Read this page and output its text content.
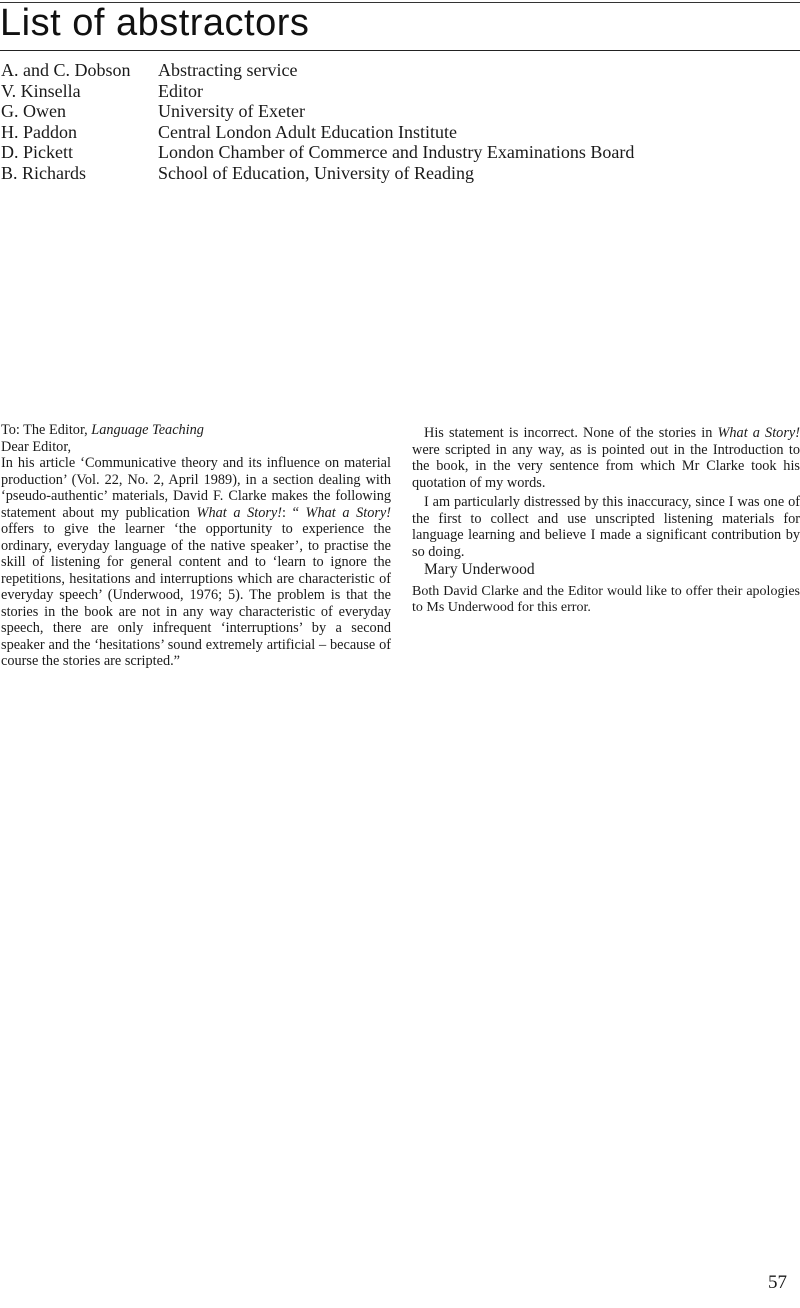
List of abstractors
A. and C. Dobson	Abstracting service
V. Kinsella	Editor
G. Owen	University of Exeter
H. Paddon	Central London Adult Education Institute
D. Pickett	London Chamber of Commerce and Industry Examinations Board
B. Richards	School of Education, University of Reading

To: The Editor, Language Teaching

Dear Editor,

In his article ‘Communicative theory and its influence on material production’ (Vol. 22, No. 2, April 1989), in a section dealing with ‘pseudo-authentic’ materials, David F. Clarke makes the following statement about my publication What a Story!: “ What a Story! offers to give the learner ‘the opportunity to experience the ordinary, everyday language of the native speaker’, to practise the skill of listening for general content and to ‘learn to ignore the repetitions, hesitations and interruptions which are characteristic of everyday speech’ (Underwood, 1976; 5). The problem is that the stories in the book are not in any way characteristic of everyday speech, there are only infrequent ‘interruptions’ by a second speaker and the ‘hesitations’ sound extremely artificial – because of course the stories are scripted.”

His statement is incorrect. None of the stories in What a Story! were scripted in any way, as is pointed out in the Introduction to the book, in the very sentence from which Mr Clarke took his quotation of my words.

I am particularly distressed by this inaccuracy, since I was one of the first to collect and use unscripted listening materials for language learning and believe I made a significant contribution by so doing.

Mary Underwood

Both David Clarke and the Editor would like to offer their apologies to Ms Underwood for this error.

57
